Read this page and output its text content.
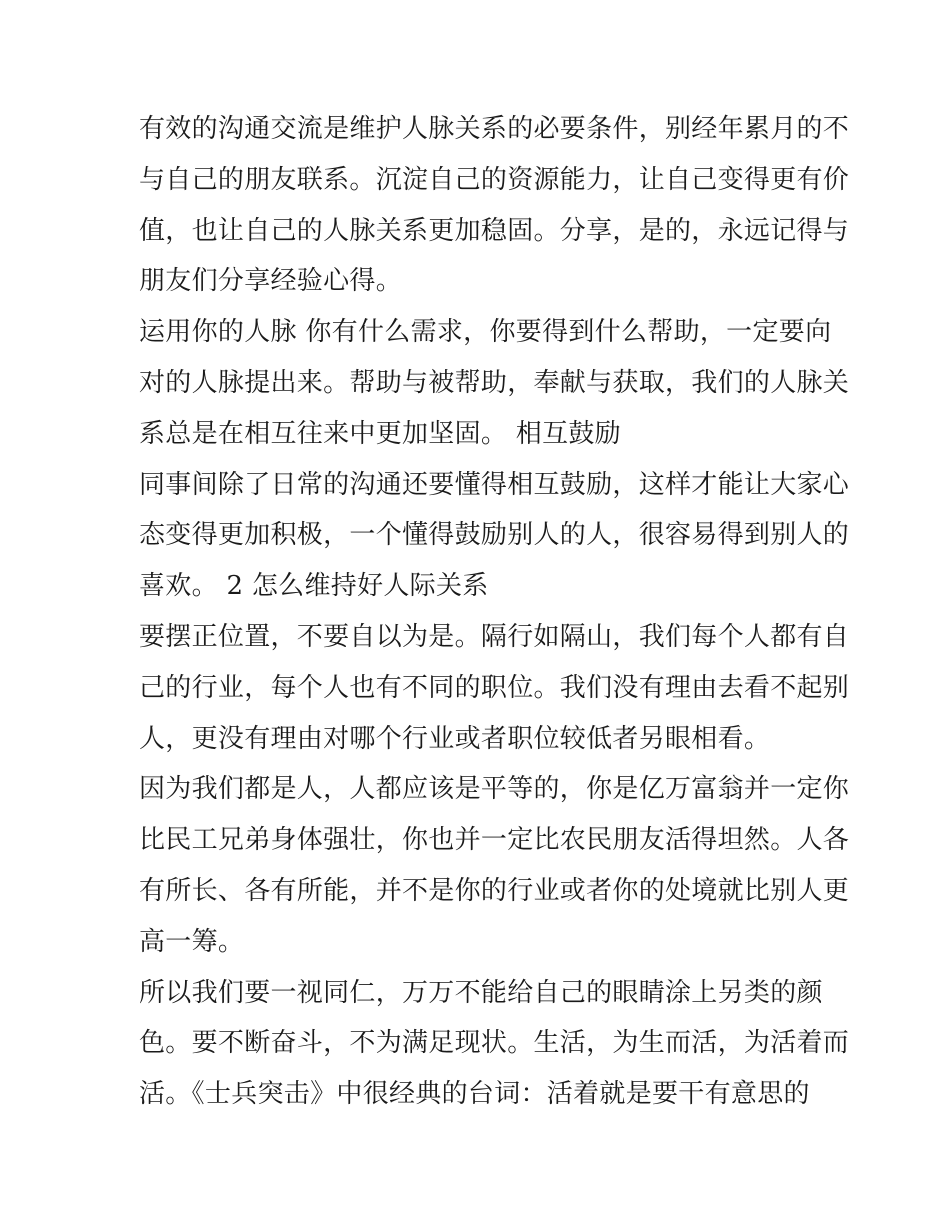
有效的沟通交流是维护人脉关系的必要条件，别经年累月的不
与自己的朋友联系。沉淀自己的资源能力，让自己变得更有价
值，也让自己的人脉关系更加稳固。分享，是的，永远记得与
朋友们分享经验心得。
运用你的人脉 你有什么需求，你要得到什么帮助，一定要向
对的人脉提出来。帮助与被帮助，奉献与获取，我们的人脉关
系总是在相互往来中更加坚固。 相互鼓励
同事间除了日常的沟通还要懂得相互鼓励，这样才能让大家心
态变得更加积极，一个懂得鼓励别人的人，很容易得到别人的
喜欢。 2 怎么维持好人际关系
要摆正位置，不要自以为是。隔行如隔山，我们每个人都有自
己的行业，每个人也有不同的职位。我们没有理由去看不起别
人，更没有理由对哪个行业或者职位较低者另眼相看。
因为我们都是人，人都应该是平等的，你是亿万富翁并一定你
比民工兄弟身体强壮，你也并一定比农民朋友活得坦然。人各
有所长、各有所能，并不是你的行业或者你的处境就比别人更
高一筹。
所以我们要一视同仁，万万不能给自己的眼睛涂上另类的颜
色。要不断奋斗，不为满足现状。生活，为生而活，为活着而
活。《士兵突击》中很经典的台词：活着就是要干有意思的
